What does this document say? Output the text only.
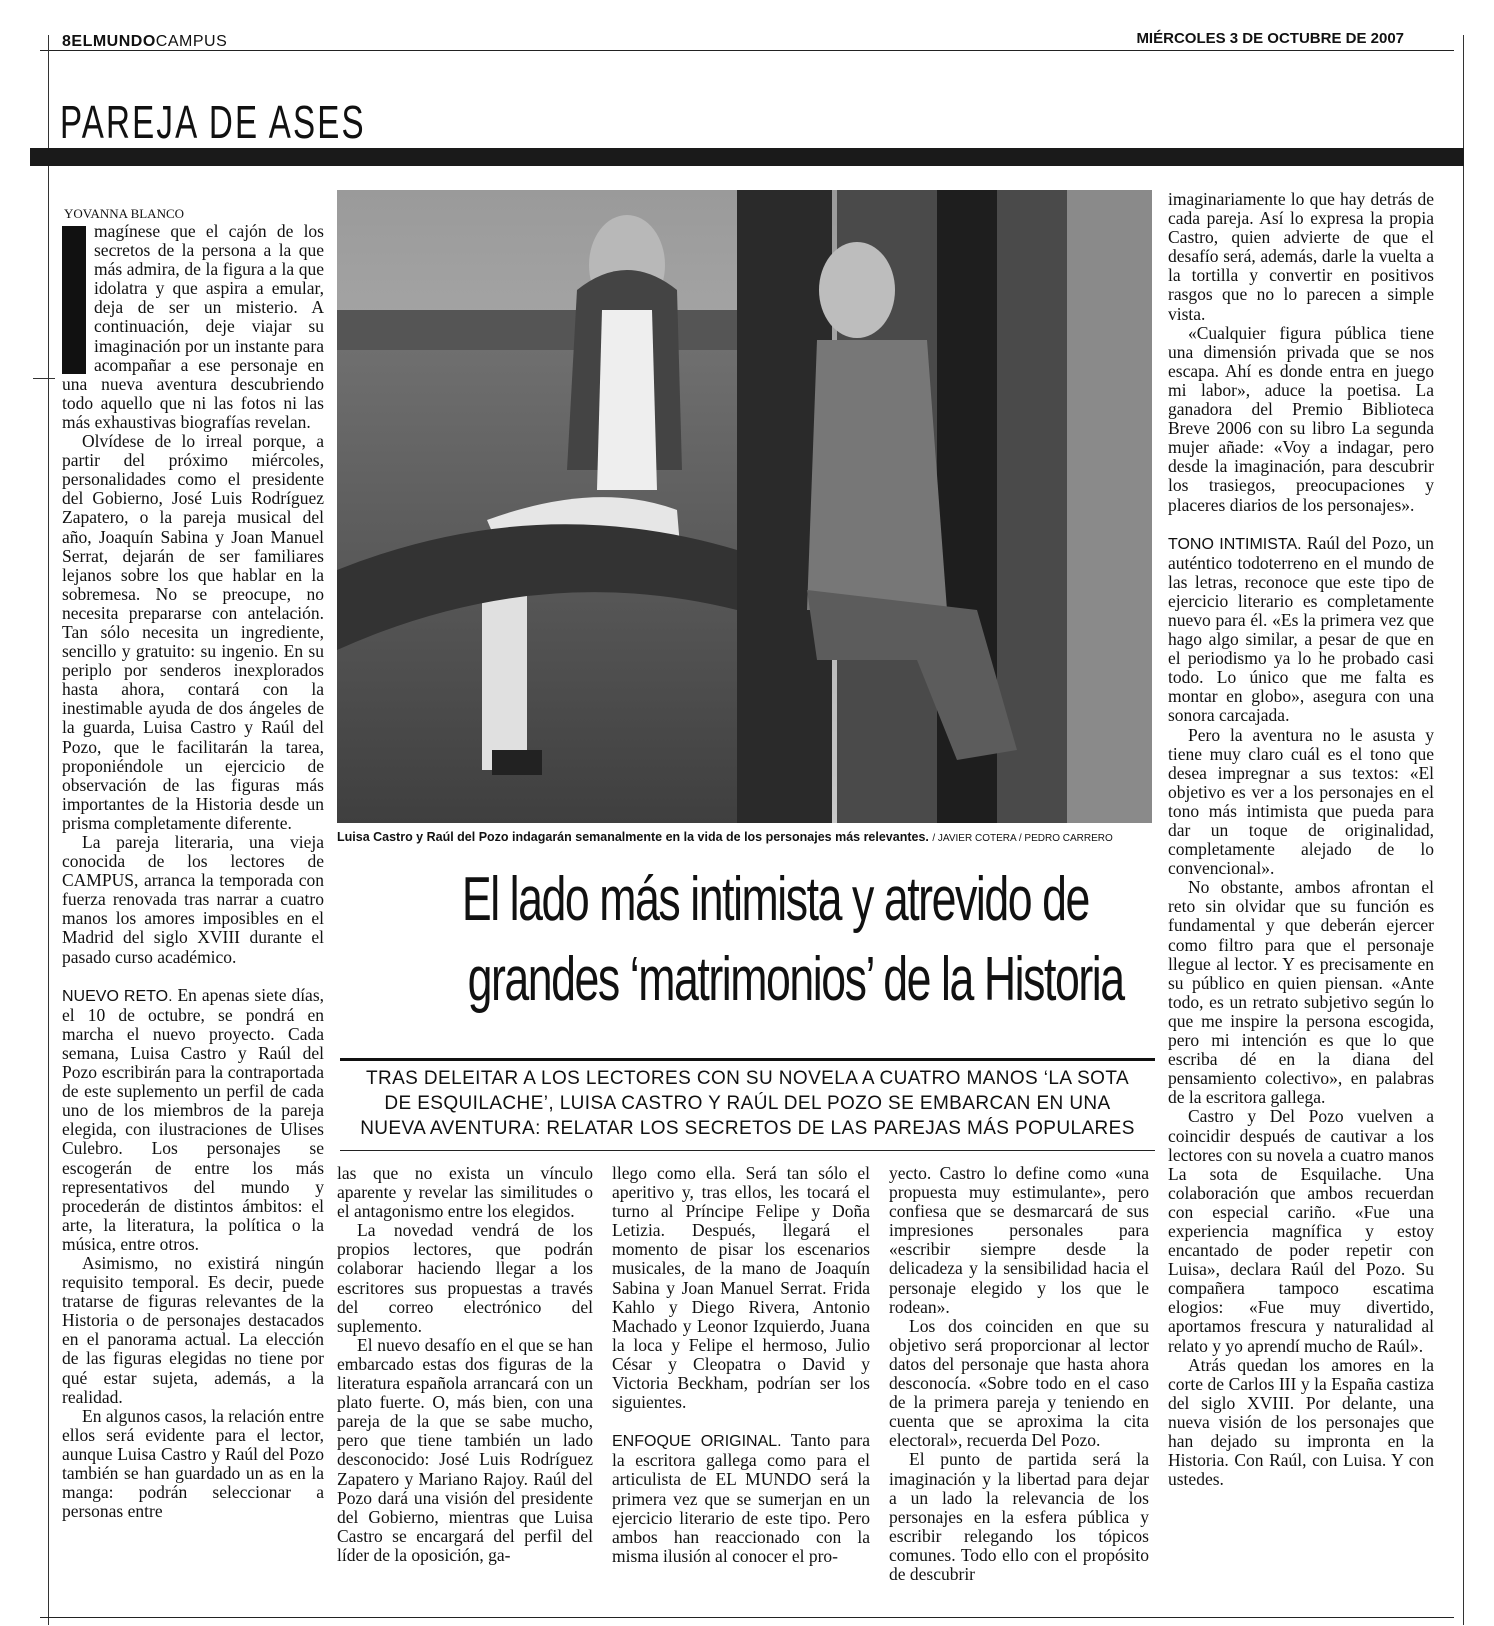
8ELMUNDOCAMPUS	MIÉRCOLES 3 DE OCTUBRE DE 2007
PAREJA DE ASES
YOVANNA BLANCO

magínese que el cajón de los secretos de la persona a la que más admira, de la figura a la que idolatra y que aspira a emular, deja de ser un misterio. A continuación, deje viajar su imaginación por un instante para acompañar a ese personaje en una nueva aventura descubriendo todo aquello que ni las fotos ni las más exhaustivas biografías revelan.

Olvídese de lo irreal porque, a partir del próximo miércoles, personalidades como el presidente del Gobierno, José Luis Rodríguez Zapatero, o la pareja musical del año, Joaquín Sabina y Joan Manuel Serrat, dejarán de ser familiares lejanos sobre los que hablar en la sobremesa. No se preocupe, no necesita prepararse con antelación. Tan sólo necesita un ingrediente, sencillo y gratuito: su ingenio. En su periplo por senderos inexplorados hasta ahora, contará con la inestimable ayuda de dos ángeles de la guarda, Luisa Castro y Raúl del Pozo, que le facilitarán la tarea, proponiéndole un ejercicio de observación de las figuras más importantes de la Historia desde un prisma completamente diferente.

La pareja literaria, una vieja conocida de los lectores de CAMPUS, arranca la temporada con fuerza renovada tras narrar a cuatro manos los amores imposibles en el Madrid del siglo XVIII durante el pasado curso académico.

NUEVO RETO. En apenas siete días, el 10 de octubre, se pondrá en marcha el nuevo proyecto. Cada semana, Luisa Castro y Raúl del Pozo escribirán para la contraportada de este suplemento un perfil de cada uno de los miembros de la pareja elegida, con ilustraciones de Ulises Culebro. Los personajes se escogerán de entre los más representativos del mundo y procederán de distintos ámbitos: el arte, la literatura, la política o la música, entre otros.

Asimismo, no existirá ningún requisito temporal. Es decir, puede tratarse de figuras relevantes de la Historia o de personajes destacados en el panorama actual. La elección de las figuras elegidas no tiene por qué estar sujeta, además, a la realidad.

En algunos casos, la relación entre ellos será evidente para el lector, aunque Luisa Castro y Raúl del Pozo también se han guardado un as en la manga: podrán seleccionar a personas entre

Luisa Castro y Raúl del Pozo indagarán semanalmente en la vida de los personajes más relevantes. / JAVIER COTERA / PEDRO CARRERO
El lado más intimista y atrevido de
grandes ‘matrimonios’ de la Historia
TRAS DELEITAR A LOS LECTORES CON SU NOVELA A CUATRO MANOS ‘LA SOTA
DE ESQUILACHE’, LUISA CASTRO Y RAÚL DEL POZO SE EMBARCAN EN UNA
NUEVA AVENTURA: RELATAR LOS SECRETOS DE LAS PAREJAS MÁS POPULARES

las que no exista un vínculo aparente y revelar las similitudes o el antagonismo entre los elegidos.

La novedad vendrá de los propios lectores, que podrán colaborar haciendo llegar a los escritores sus propuestas a través del correo electrónico del suplemento.

El nuevo desafío en el que se han embarcado estas dos figuras de la literatura española arrancará con un plato fuerte. O, más bien, con una pareja de la que se sabe mucho, pero que tiene también un lado desconocido: José Luis Rodríguez Zapatero y Mariano Rajoy. Raúl del Pozo dará una visión del presidente del Gobierno, mientras que Luisa Castro se encargará del perfil del líder de la oposición, ga-

llego como ella. Será tan sólo el aperitivo y, tras ellos, les tocará el turno al Príncipe Felipe y Doña Letizia. Después, llegará el momento de pisar los escenarios musicales, de la mano de Joaquín Sabina y Joan Manuel Serrat. Frida Kahlo y Diego Rivera, Antonio Machado y Leonor Izquierdo, Juana la loca y Felipe el hermoso, Julio César y Cleopatra o David y Victoria Beckham, podrían ser los siguientes.

ENFOQUE ORIGINAL. Tanto para la escritora gallega como para el articulista de EL MUNDO será la primera vez que se sumerjan en un ejercicio literario de este tipo. Pero ambos han reaccionado con la misma ilusión al conocer el pro-

yecto. Castro lo define como «una propuesta muy estimulante», pero confiesa que se desmarcará de sus impresiones personales para «escribir siempre desde la delicadeza y la sensibilidad hacia el personaje elegido y los que le rodean».

Los dos coinciden en que su objetivo será proporcionar al lector datos del personaje que hasta ahora desconocía. «Sobre todo en el caso de la primera pareja y teniendo en cuenta que se aproxima la cita electoral», recuerda Del Pozo.

El punto de partida será la imaginación y la libertad para dejar a un lado la relevancia de los personajes en la esfera pública y escribir relegando los tópicos comunes. Todo ello con el propósito de descubrir

imaginariamente lo que hay detrás de cada pareja. Así lo expresa la propia Castro, quien advierte de que el desafío será, además, darle la vuelta a la tortilla y convertir en positivos rasgos que no lo parecen a simple vista.

«Cualquier figura pública tiene una dimensión privada que se nos escapa. Ahí es donde entra en juego mi labor», aduce la poetisa. La ganadora del Premio Biblioteca Breve 2006 con su libro La segunda mujer añade: «Voy a indagar, pero desde la imaginación, para descubrir los trasiegos, preocupaciones y placeres diarios de los personajes».

TONO INTIMISTA. Raúl del Pozo, un auténtico todoterreno en el mundo de las letras, reconoce que este tipo de ejercicio literario es completamente nuevo para él. «Es la primera vez que hago algo similar, a pesar de que en el periodismo ya lo he probado casi todo. Lo único que me falta es montar en globo», asegura con una sonora carcajada.

Pero la aventura no le asusta y tiene muy claro cuál es el tono que desea impregnar a sus textos: «El objetivo es ver a los personajes en el tono más intimista que pueda para dar un toque de originalidad, completamente alejado de lo convencional».

No obstante, ambos afrontan el reto sin olvidar que su función es fundamental y que deberán ejercer como filtro para que el personaje llegue al lector. Y es precisamente en su público en quien piensan. «Ante todo, es un retrato subjetivo según lo que me inspire la persona escogida, pero mi intención es que lo que escriba dé en la diana del pensamiento colectivo», en palabras de la escritora gallega.

Castro y Del Pozo vuelven a coincidir después de cautivar a los lectores con su novela a cuatro manos La sota de Esquilache. Una colaboración que ambos recuerdan con especial cariño. «Fue una experiencia magnífica y estoy encantado de poder repetir con Luisa», declara Raúl del Pozo. Su compañera tampoco escatima elogios: «Fue muy divertido, aportamos frescura y naturalidad al relato y yo aprendí mucho de Raúl».

Atrás quedan los amores en la corte de Carlos III y la España castiza del siglo XVIII. Por delante, una nueva visión de los personajes que han dejado su impronta en la Historia. Con Raúl, con Luisa. Y con ustedes.
